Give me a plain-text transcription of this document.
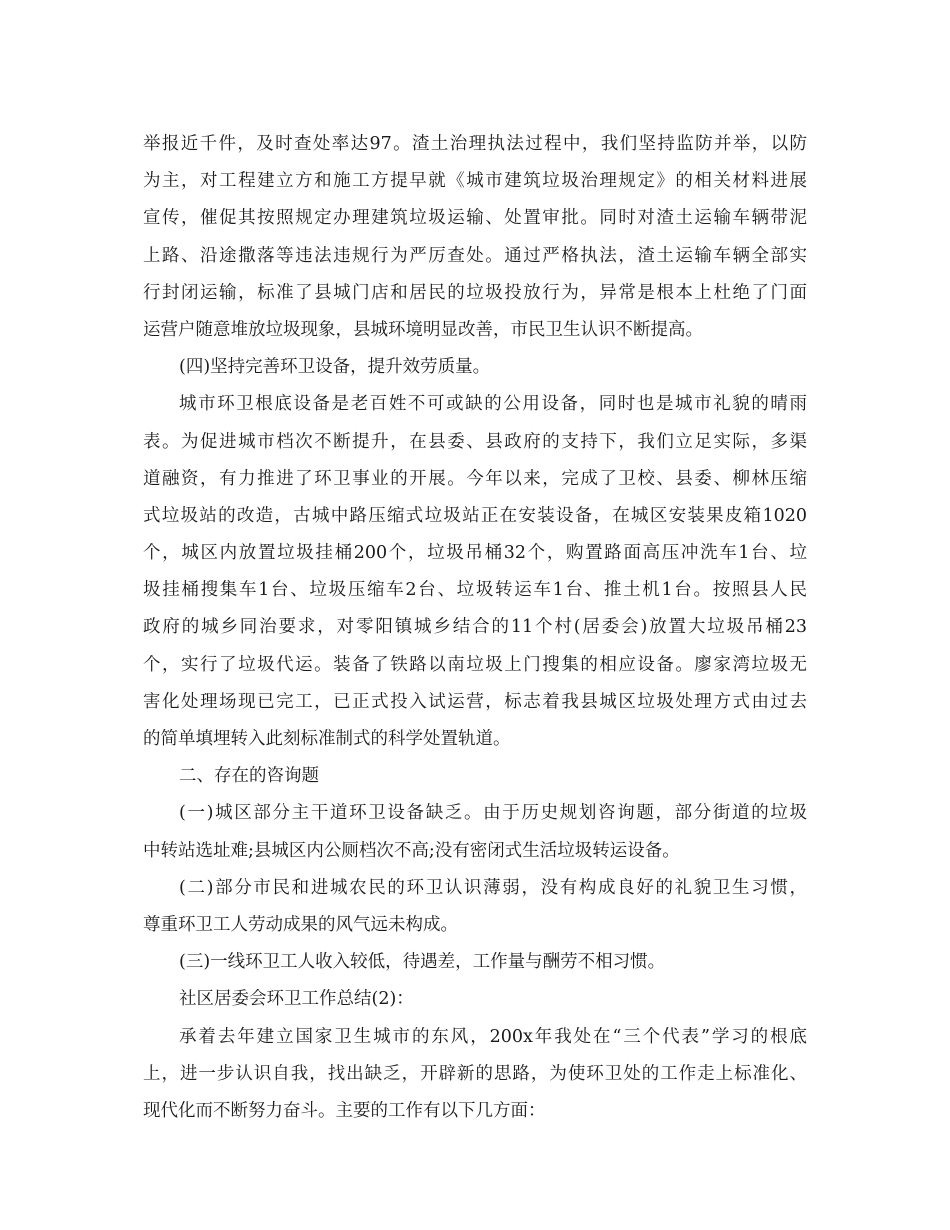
举报近千件，及时查处率达97。渣土治理执法过程中，我们坚持监防并举，以防
为主，对工程建立方和施工方提早就《城市建筑垃圾治理规定》的相关材料进展
宣传，催促其按照规定办理建筑垃圾运输、处置审批。同时对渣土运输车辆带泥
上路、沿途撒落等违法违规行为严厉查处。通过严格执法，渣土运输车辆全部实
行封闭运输，标准了县城门店和居民的垃圾投放行为，异常是根本上杜绝了门面
运营户随意堆放垃圾现象，县城环境明显改善，市民卫生认识不断提高。
(四)坚持完善环卫设备，提升效劳质量。
城市环卫根底设备是老百姓不可或缺的公用设备，同时也是城市礼貌的晴雨
表。为促进城市档次不断提升，在县委、县政府的支持下，我们立足实际，多渠
道融资，有力推进了环卫事业的开展。今年以来，完成了卫校、县委、柳林压缩
式垃圾站的改造，古城中路压缩式垃圾站正在安装设备，在城区安装果皮箱1020
个，城区内放置垃圾挂桶200个，垃圾吊桶32个，购置路面高压冲洗车1台、垃
圾挂桶搜集车1台、垃圾压缩车2台、垃圾转运车1台、推土机1台。按照县人民
政府的城乡同治要求，对零阳镇城乡结合的11个村(居委会)放置大垃圾吊桶23
个，实行了垃圾代运。装备了铁路以南垃圾上门搜集的相应设备。廖家湾垃圾无
害化处理场现已完工，已正式投入试运营，标志着我县城区垃圾处理方式由过去
的简单填埋转入此刻标准制式的科学处置轨道。
二、存在的咨询题
(一)城区部分主干道环卫设备缺乏。由于历史规划咨询题，部分街道的垃圾
中转站选址难;县城区内公厕档次不高;没有密闭式生活垃圾转运设备。
(二)部分市民和进城农民的环卫认识薄弱，没有构成良好的礼貌卫生习惯，
尊重环卫工人劳动成果的风气远未构成。
(三)一线环卫工人收入较低，待遇差，工作量与酬劳不相习惯。
社区居委会环卫工作总结(2)：
承着去年建立国家卫生城市的东风，200x年我处在“三个代表”学习的根底
上，进一步认识自我，找出缺乏，开辟新的思路，为使环卫处的工作走上标准化、
现代化而不断努力奋斗。主要的工作有以下几方面：
